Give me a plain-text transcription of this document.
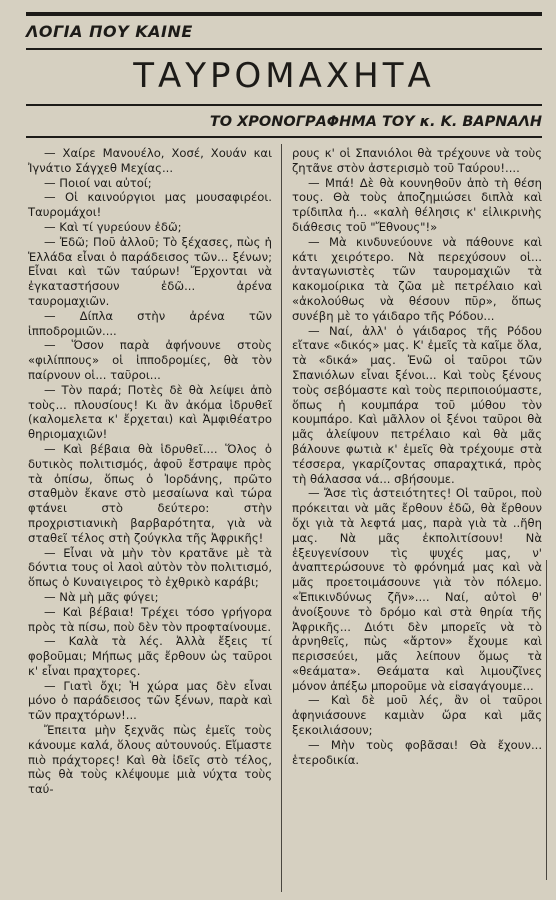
ΛΟΓΙΑ ΠΟΥ ΚΑΙΝΕ
ΤΑΥΡΟΜΑΧΗΤΑ
ΤΟ ΧΡΟΝΟΓΡΑΦΗΜΑ ΤΟΥ κ. Κ. ΒΑΡΝΑΛΗ

— Χαίρε Μανουέλο, Χοσέ, Χουάν και Ἰγνάτιο Σάγχεθ Μεχίας...

— Ποιοί ναι αὐτοί;

— Οἱ καινούργιοι μας μουσαφιρέοι. Ταυρομάχοι!

— Καὶ τί γυρεύουν ἐδῶ;

— Ἐδῶ; Ποῦ ἀλλοῦ; Τὸ ξέχασες, πὼς ἡ Ἑλλάδα εἶναι ὁ παράδεισος τῶν... ξένων; Εἶναι καὶ τῶν ταύρων! Ἔρχονται νὰ ἐγκαταστήσουν ἐδῶ... ἀρένα ταυρομαχιῶν.

— Δίπλα στὴν ἀρένα τῶν ἱπποδρομιῶν....

— Ὅσον παρὰ ἀφήνουνε στοὺς «φιλίππους» οἱ ἱπποδρομίες, θὰ τὸν παίρνουν οἱ... ταῦροι...

— Τὸν παρά; Ποτὲς δὲ θὰ λείψει ἀπὸ τοὺς... πλουσίους! Κι ἂν ἀκόμα ἱδρυθεῖ (καλομελετα κ' ἔρχεται) καὶ Ἀμφιθέατρο θηριομαχιῶν!

— Καὶ βέβαια θὰ ἱδρυθεῖ.... Ὅλος ὁ δυτικὸς πολιτισμός, ἀφοῦ ἔστραψε πρὸς τὰ ὀπίσω, ὅπως ὁ Ἰορδάνης, πρῶτο σταθμὸν ἔκανε στὸ μεσαίωνα καὶ τώρα φτάνει στὸ δεύτερο: στὴν προχριστιανικὴ βαρβαρότητα, γιὰ νὰ σταθεῖ τέλος στὴ ζούγκλα τῆς Ἀφρικῆς!

— Εἶναι νὰ μὴν τὸν κρατᾶνε μὲ τὰ δόντια τους οἱ λαοὶ αὐτὸν τὸν πολιτισμό, ὅπως ὁ Κυναιγειρος τὸ ἐχθρικὸ καράβι;

— Νὰ μὴ μᾶς φύγει;

— Καὶ βέβαια! Τρέχει τόσο γρήγορα πρὸς τὰ πίσω, ποὺ δὲν τὸν προφταίνουμε.

— Καλὰ τὰ λές. Ἀλλὰ ἔξεις τί φοβοῦμαι; Μήπως μᾶς ἔρθουν ὡς ταῦροι κ' εἶναι πραχτορες.

— Γιατὶ ὄχι; Ἡ χώρα μας δὲν εἶναι μόνο ὁ παράδεισος τῶν ξένων, παρὰ καὶ τῶν πραχτόρων!...

Ἔπειτα μὴν ξεχνᾶς πὼς ἐμεῖς τοὺς κάνουμε καλά, ὅλους αὐτουνούς. Εἴμαστε πιὸ πράχτορες! Καὶ θὰ ἰδεῖς στὸ τέλος, πὼς θὰ τοὺς κλέψουμε μιὰ νύχτα τοὺς ταύ-

ρους κ' οἱ Σπανιόλοι θὰ τρέχουνε νὰ τοὺς ζητᾶνε στὸν ἀστερισμὸ τοῦ Ταύρου!....

— Μπά! Δὲ θὰ κουνηθοῦν ἀπὸ τὴ θέση τους. Θὰ τοὺς ἀποζημιώσει διπλὰ καὶ τρίδιπλα ἡ... «καλὴ θέλησις κ' εἰλικρινὴς διάθεσις τοῦ "Ἔθνους"!»

— Μὰ κινδυνεύουνε νὰ πάθουνε καὶ κάτι χειρότερο. Νὰ περεχύσουν οἱ... ἀνταγωνιστὲς τῶν ταυρομαχιῶν τὰ κακομοίρικα τὰ ζῶα μὲ πετρέλαιο καὶ «ἀκολούθως νὰ θέσουν πῦρ», ὅπως συνέβη μὲ το γάιδαρο τῆς Ρόδου...

— Ναί, ἀλλ' ὁ γάιδαρος τῆς Ρόδου εἴτανε «δικός» μας. Κ' ἐμεῖς τὰ καῖμε ὅλα, τὰ «δικά» μας. Ἐνῶ οἱ ταῦροι τῶν Σπανιόλων εἶναι ξένοι... Καὶ τοὺς ξένους τοὺς σεβόμαστε καὶ τοὺς περιποιούμαστε, ὅπως ἡ κουμπάρα τοῦ μύθου τὸν κουμπάρο. Καὶ μᾶλλον οἱ ξένοι ταῦροι θὰ μᾶς ἀλείψουν πετρέλαιο καὶ θὰ μᾶς βάλουνε φωτιὰ κ' ἐμεῖς θὰ τρέχουμε στὰ τέσσερα, γκαρίζοντας σπαραχτικά, πρὸς τὴ θάλασσα νά... σβήσουμε.

— Ἄσε τὶς ἀστειότητες! Οἱ ταῦροι, ποὺ πρόκειται νὰ μᾶς ἔρθουν ἐδῶ, θὰ ἔρθουν ὄχι γιὰ τὰ λεφτά μας, παρὰ γιὰ τὰ ..ἤθη μας. Νὰ μᾶς ἐκπολιτίσουν! Νὰ ἐξευγενίσουν τὶς ψυχές μας, ν' ἀναπτερώσουνε τὸ φρόνημά μας καὶ νὰ μᾶς προετοιμάσουνε γιὰ τὸν πόλεμο. «Ἐπικινδύνως ζῆν».... Ναί, αὐτοὶ θ' ἀνοίξουνε τὸ δρόμο καὶ στὰ θηρία τῆς Ἀφρικῆς... Διότι δὲν μπορεῖς νὰ τὸ ἀρνηθεῖς, πὼς «ἄρτον» ἔχουμε καὶ περισσεύει, μᾶς λείπουν ὅμως τὰ «θεάματα». Θεάματα καὶ λιμουζῖνες μόνον ἀπέξω μποροῦμε νὰ εἰσαγάγουμε...

— Καὶ δὲ μοῦ λές, ἂν οἱ ταῦροι ἀφηνιάσουνε καμιὰν ὥρα καὶ μᾶς ξεκοιλιάσουν;

— Μὴν τοὺς φοβᾶσαι! Θὰ ἔχουν... ἑτεροδικία.
